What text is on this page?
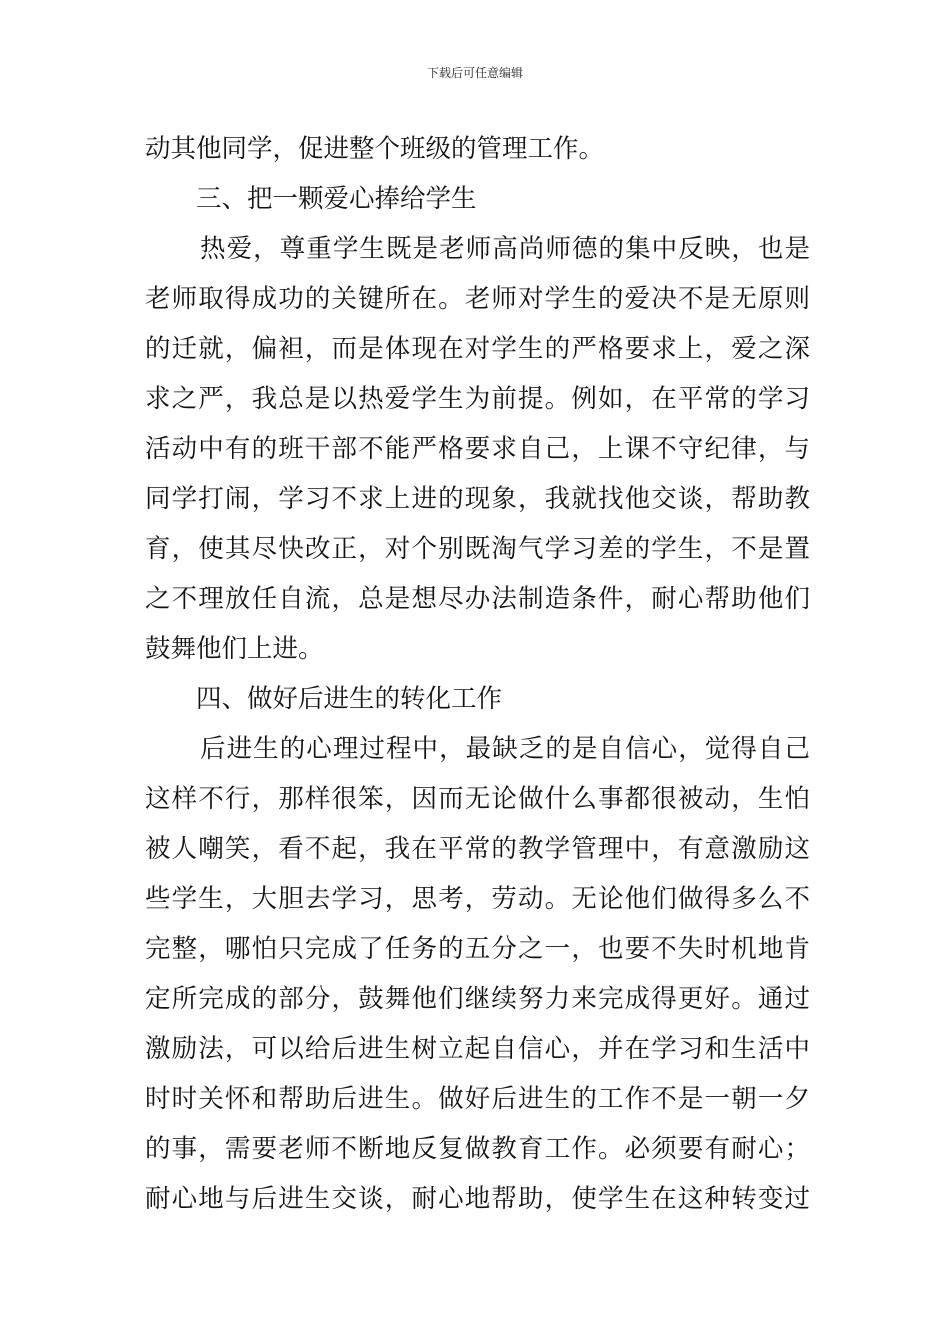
下载后可任意编辑
动其他同学，促进整个班级的管理工作。
三、把一颗爱心捧给学生
热爱，尊重学生既是老师高尚师德的集中反映，也是
老师取得成功的关键所在。老师对学生的爱决不是无原则
的迁就，偏袒，而是体现在对学生的严格要求上，爱之深
求之严，我总是以热爱学生为前提。例如，在平常的学习
活动中有的班干部不能严格要求自己，上课不守纪律，与
同学打闹，学习不求上进的现象，我就找他交谈，帮助教
育，使其尽快改正，对个别既淘气学习差的学生，不是置
之不理放任自流，总是想尽办法制造条件，耐心帮助他们
鼓舞他们上进。
四、做好后进生的转化工作
后进生的心理过程中，最缺乏的是自信心，觉得自己
这样不行，那样很笨，因而无论做什么事都很被动，生怕
被人嘲笑，看不起，我在平常的教学管理中，有意激励这
些学生，大胆去学习，思考，劳动。无论他们做得多么不
完整，哪怕只完成了任务的五分之一，也要不失时机地肯
定所完成的部分，鼓舞他们继续努力来完成得更好。通过
激励法，可以给后进生树立起自信心，并在学习和生活中
时时关怀和帮助后进生。做好后进生的工作不是一朝一夕
的事，需要老师不断地反复做教育工作。必须要有耐心；
耐心地与后进生交谈，耐心地帮助，使学生在这种转变过
